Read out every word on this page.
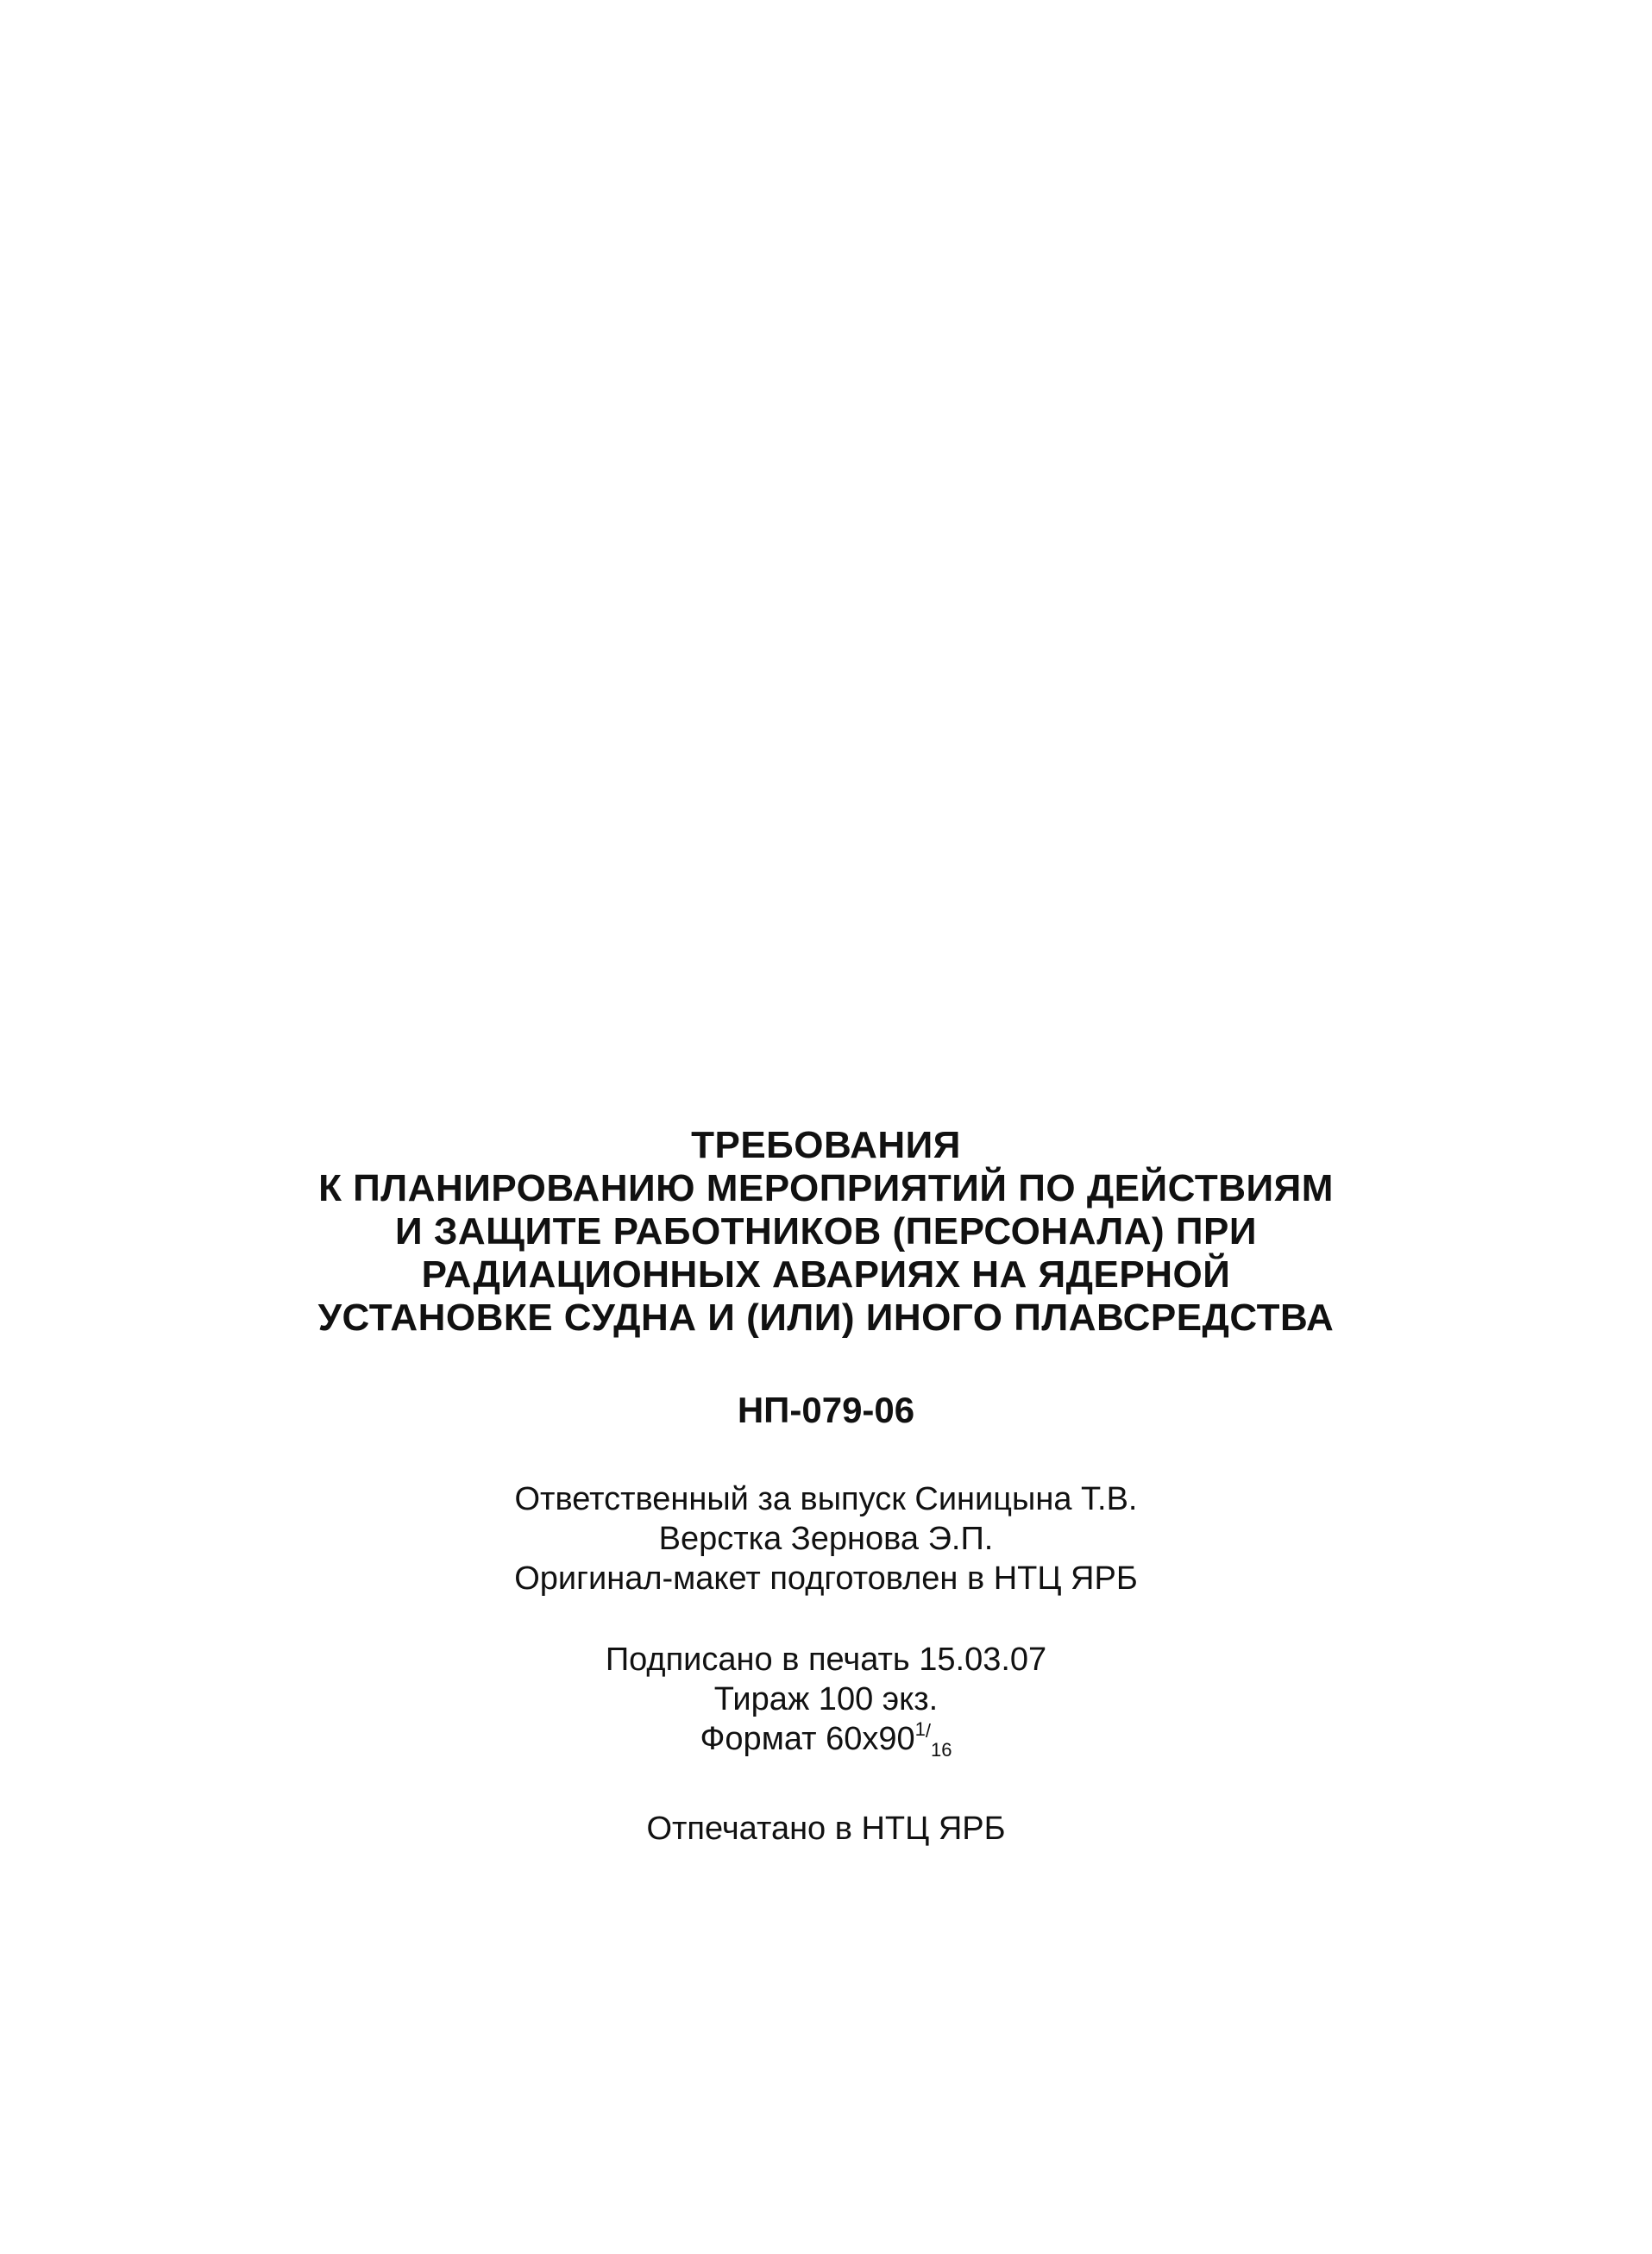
ТРЕБОВАНИЯ
К ПЛАНИРОВАНИЮ МЕРОПРИЯТИЙ ПО ДЕЙСТВИЯМ
И ЗАЩИТЕ РАБОТНИКОВ (ПЕРСОНАЛА) ПРИ
РАДИАЦИОННЫХ АВАРИЯХ НА ЯДЕРНОЙ
УСТАНОВКЕ СУДНА И (ИЛИ) ИНОГО ПЛАВСРЕДСТВА
НП-079-06
Ответственный за выпуск Синицына Т.В.
Верстка Зернова Э.П.
Оригинал-макет подготовлен в НТЦ ЯРБ
Подписано в печать 15.03.07
Тираж 100 экз.
Формат $60х90^{1/}_{16}$
Отпечатано в НТЦ ЯРБ
